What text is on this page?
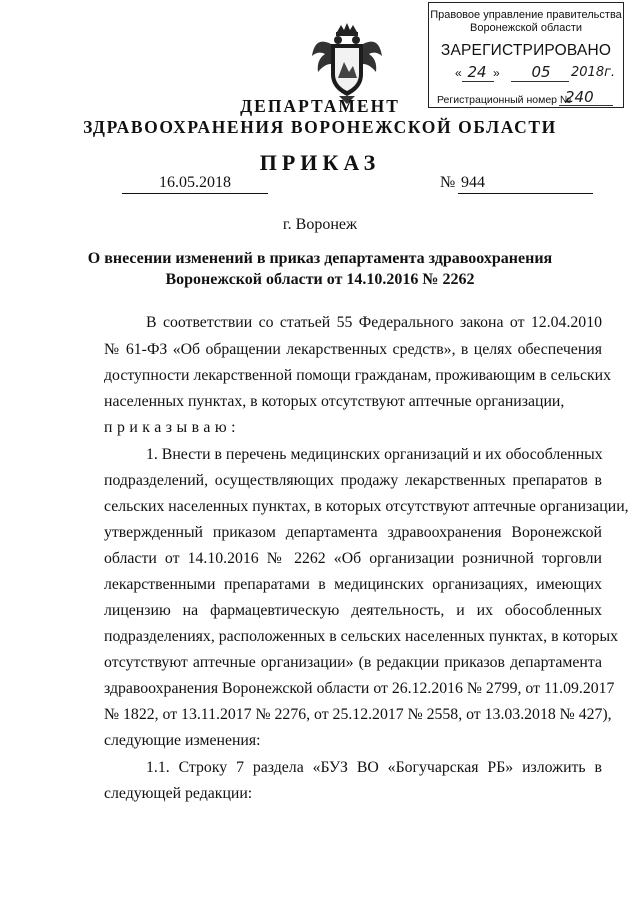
Правовое управление правительства
Воронежской области
ЗАРЕГИСТРИРОВАНО
« 24 »	05	2018г.
Регистрационный номер №
240
ДЕПАРТАМЕНТ
ЗДРАВООХРАНЕНИЯ ВОРОНЕЖСКОЙ ОБЛАСТИ
ПРИКАЗ
16.05.2018	№ 944
г. Воронеж
О внесении изменений в приказ департамента здравоохранения
Воронежской области от 14.10.2016 № 2262
В соответствии со статьей 55 Федерального закона от 12.04.2010
№ 61-ФЗ «Об обращении лекарственных средств», в целях обеспечения
доступности лекарственной помощи гражданам, проживающим в сельских
населенных пунктах, в которых отсутствуют аптечные организации,
приказываю:
1. Внести в перечень медицинских организаций и их обособленных
подразделений, осуществляющих продажу лекарственных препаратов в
сельских населенных пунктах, в которых отсутствуют аптечные организации,
утвержденный приказом департамента здравоохранения Воронежской
области от 14.10.2016 № 2262 «Об организации розничной торговли
лекарственными препаратами в медицинских организациях, имеющих
лицензию на фармацевтическую деятельность, и их обособленных
подразделениях, расположенных в сельских населенных пунктах, в которых
отсутствуют аптечные организации» (в редакции приказов департамента
здравоохранения Воронежской области от 26.12.2016 № 2799, от 11.09.2017
№ 1822, от 13.11.2017 № 2276, от 25.12.2017 № 2558, от 13.03.2018 № 427),
следующие изменения:
1.1. Строку 7 раздела «БУЗ ВО «Богучарская РБ» изложить в
следующей редакции:
